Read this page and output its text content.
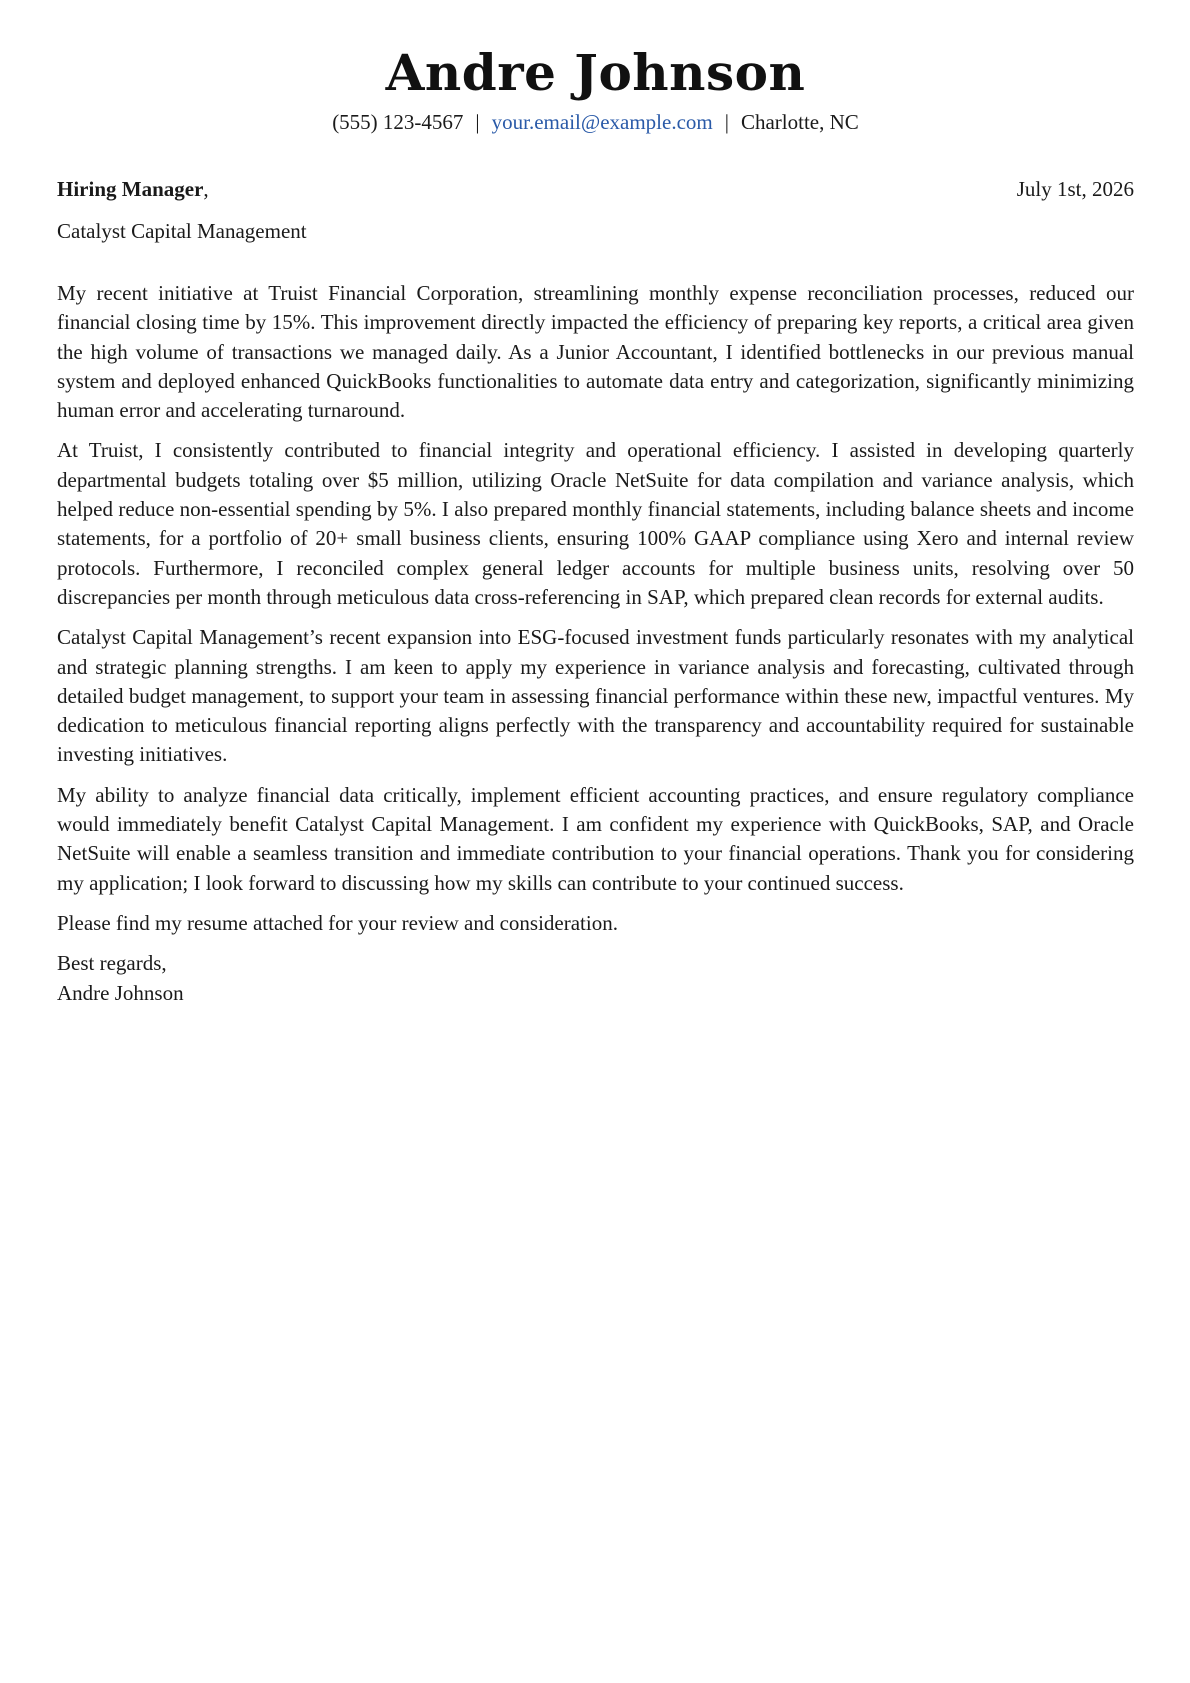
Andre Johnson
(555) 123-4567 | your.email@example.com | Charlotte, NC
Hiring Manager,	July 1st, 2026
Catalyst Capital Management

My recent initiative at Truist Financial Corporation, streamlining monthly expense reconciliation processes, reduced our financial closing time by 15%. This improvement directly impacted the efficiency of preparing key reports, a critical area given the high volume of transactions we managed daily. As a Junior Accountant, I identified bottlenecks in our previous manual system and deployed enhanced QuickBooks functionalities to automate data entry and categorization, significantly minimizing human error and accelerating turnaround.

At Truist, I consistently contributed to financial integrity and operational efficiency. I assisted in developing quarterly departmental budgets totaling over $5 million, utilizing Oracle NetSuite for data compilation and variance analysis, which helped reduce non-essential spending by 5%. I also prepared monthly financial statements, including balance sheets and income statements, for a portfolio of 20+ small business clients, ensuring 100% GAAP compliance using Xero and internal review protocols. Furthermore, I reconciled complex general ledger accounts for multiple business units, resolving over 50 discrepancies per month through meticulous data cross-referencing in SAP, which prepared clean records for external audits.

Catalyst Capital Management’s recent expansion into ESG-focused investment funds particularly resonates with my analytical and strategic planning strengths. I am keen to apply my experience in variance analysis and forecasting, cultivated through detailed budget management, to support your team in assessing financial performance within these new, impactful ventures. My dedication to meticulous financial reporting aligns perfectly with the transparency and accountability required for sustainable investing initiatives.

My ability to analyze financial data critically, implement efficient accounting practices, and ensure regulatory compliance would immediately benefit Catalyst Capital Management. I am confident my experience with QuickBooks, SAP, and Oracle NetSuite will enable a seamless transition and immediate contribution to your financial operations. Thank you for considering my application; I look forward to discussing how my skills can contribute to your continued success.

Please find my resume attached for your review and consideration.

Best regards,
Andre Johnson
